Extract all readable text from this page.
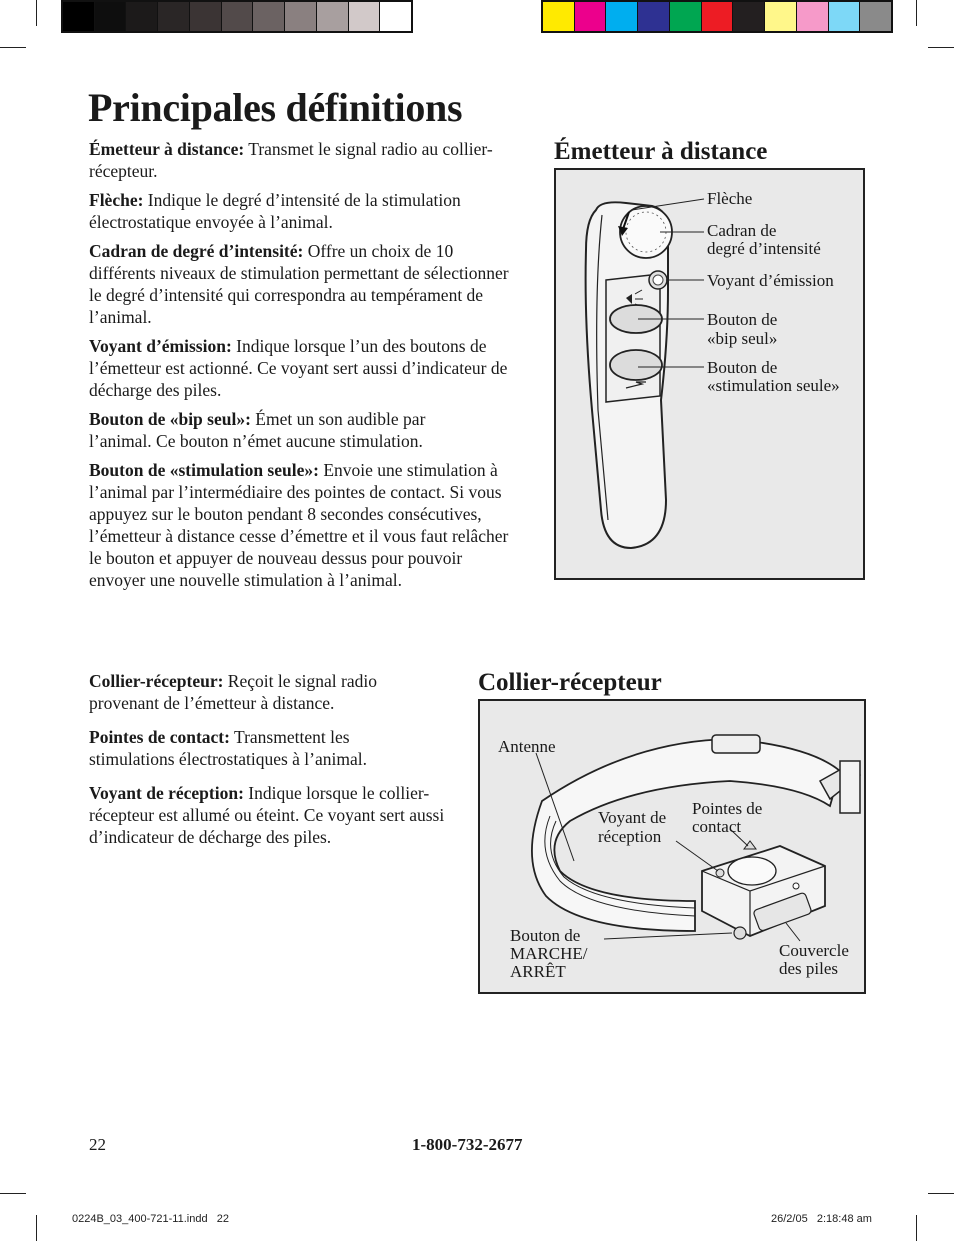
Principales définitions

Émetteur à distance: Transmet le signal radio au collier-récepteur.

Flèche: Indique le degré d’intensité de la stimulation électrostatique envoyée à l’animal.

Cadran de degré d’intensité: Offre un choix de 10 différents niveaux de stimulation permettant de sélectionner le degré d’intensité qui correspondra au tempérament de l’animal.

Voyant d’émission: Indique lorsque l’un des boutons de l’émetteur est actionné. Ce voyant sert aussi d’indicateur de décharge des piles.

Bouton de «bip seul»: Émet un son audible par l’animal. Ce bouton n’émet aucune stimulation.

Bouton de «stimulation seule»: Envoie une stimulation à l’animal par l’intermédiaire des pointes de contact. Si vous appuyez sur le bouton pendant 8 secondes consécutives, l’émetteur à distance cesse d’émettre et il vous faut relâcher le bouton et appuyer de nouveau dessus pour pouvoir envoyer une nouvelle stimulation à l’animal.

Émetteur à distance
Flèche
Cadran de
degré d’intensité
Voyant d’émission
Bouton de
«bip seul»
Bouton de
«stimulation seule»

Collier-récepteur: Reçoit le signal radio provenant de l’émetteur à distance.

Pointes de contact: Transmettent les stimulations électrostatiques à l’animal.

Voyant de réception: Indique lorsque le collier-récepteur est allumé ou éteint. Ce voyant sert aussi d’indicateur de décharge des piles.

Collier-récepteur
Antenne
Voyant de
réception
Pointes de
contact
Bouton de
MARCHE/
ARRÊT
Couvercle
des piles
22	1-800-732-2677
0224B_03_400-721-11.indd   22	26/2/05   2:18:48 am
